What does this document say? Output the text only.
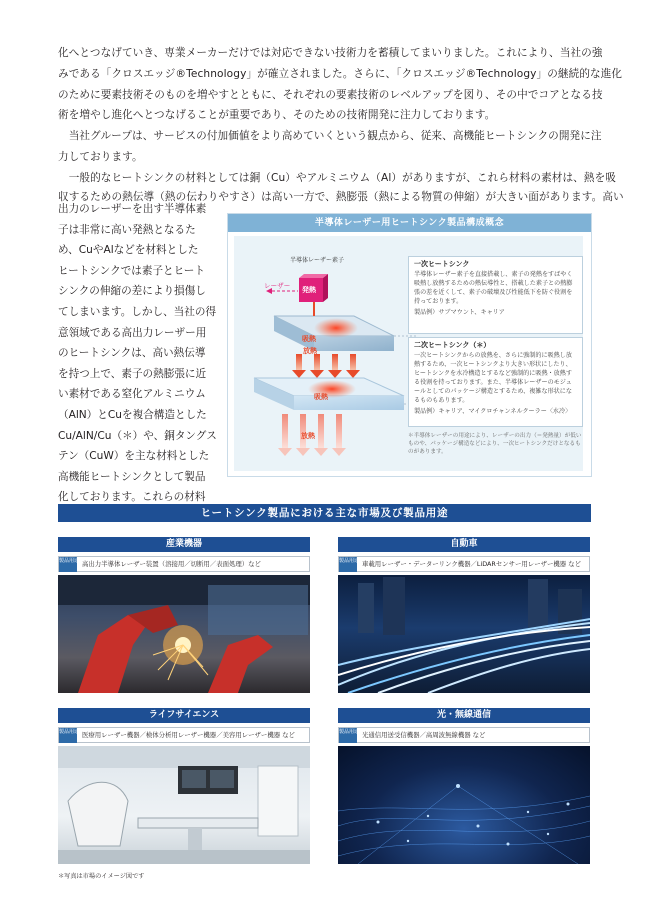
化へとつなげていき、専業メーカーだけでは対応できない技術力を蓄積してまいりました。これにより、当社の強
みである「クロスエッジ®Technology」が確立されました。さらに、「クロスエッジ®Technology」の継続的な進化
のために要素技術そのものを増やすとともに、それぞれの要素技術のレベルアップを図り、その中でコアとなる技
術を増やし進化へとつなげることが重要であり、そのための技術開発に注力しております。

　当社グループは、サービスの付加価値をより高めていくという観点から、従来、高機能ヒートシンクの開発に注
力しております。

　一般的なヒートシンクの材料としては銅（Cu）やアルミニウム（Al）がありますが、これら材料の素材は、熱を吸
収するための熱伝導（熱の伝わりやすさ）は高い一方で、熱膨張（熱による物質の伸縮）が大きい面があります。高い

出力のレーザーを出す半導体素
子は非常に高い発熱となるた
め、CuやAlなどを材料とした
ヒートシンクでは素子とヒート
シンクの伸縮の差により損傷し
てしまいます。しかし、当社の得
意領域である高出力レーザー用
のヒートシンクは、高い熱伝導
を持つ上で、素子の熱膨張に近
い素材である窒化アルミニウム
（AlN）とCuを複合構造とした
Cu/AlN/Cu（＊）や、銅タングス
テン（CuW）を主な材料とした
高機能ヒートシンクとして製品
化しております。これらの材料

半導体レーザー用ヒートシンク製品構成概念
半導体レーザー素子
レーザー 発熱
吸熱
放熱
吸熱
放熱
一次ヒートシンク
半導体レーザー素子を直接搭載し、素子の発熱をすばやく吸熱し放熱するための熱伝導性と、搭載した素子との熱膨張の差を近くして、素子の破壊及び性能低下を防ぐ役割を持っております。
製品例）サブマウント、キャリア
二次ヒートシンク（＊）
一次ヒートシンクからの放熱を、さらに強制的に吸熱し放熱するため、一次ヒートシンクより大きい形状にしたり、ヒートシンクを水冷構造とするなど強制的に吸熱・放熱する役割を持っております。また、半導体レーザーのモジュールとしてのパッケージ構造とするため、複雑な形状になるものもあります。
製品例）キャリア、マイクロチャンネルクーラー〈水冷〉
＊半導体レーザーの用途により、レーザーの出力（＝発熱量）が低いものや、パッケージ構造などにより、一次ヒートシンクだけとなるものがあります。
ヒートシンク製品における主な市場及び製品用途
産業機器
製品用途 高出力半導体レーザー装置（溶接用／切断用／表面処理）など
自動車
製品用途 車載用レーザー・データーリンク機器／LiDARセンサー用レーザー機器 など
ライフサイエンス
製品用途 医療用レーザー機器／検体分析用レーザー機器／美容用レーザー機器 など
光・無線通信
製品用途 光通信用送受信機器／高周波無線機器 など
＊写真は市場のイメージ図です
